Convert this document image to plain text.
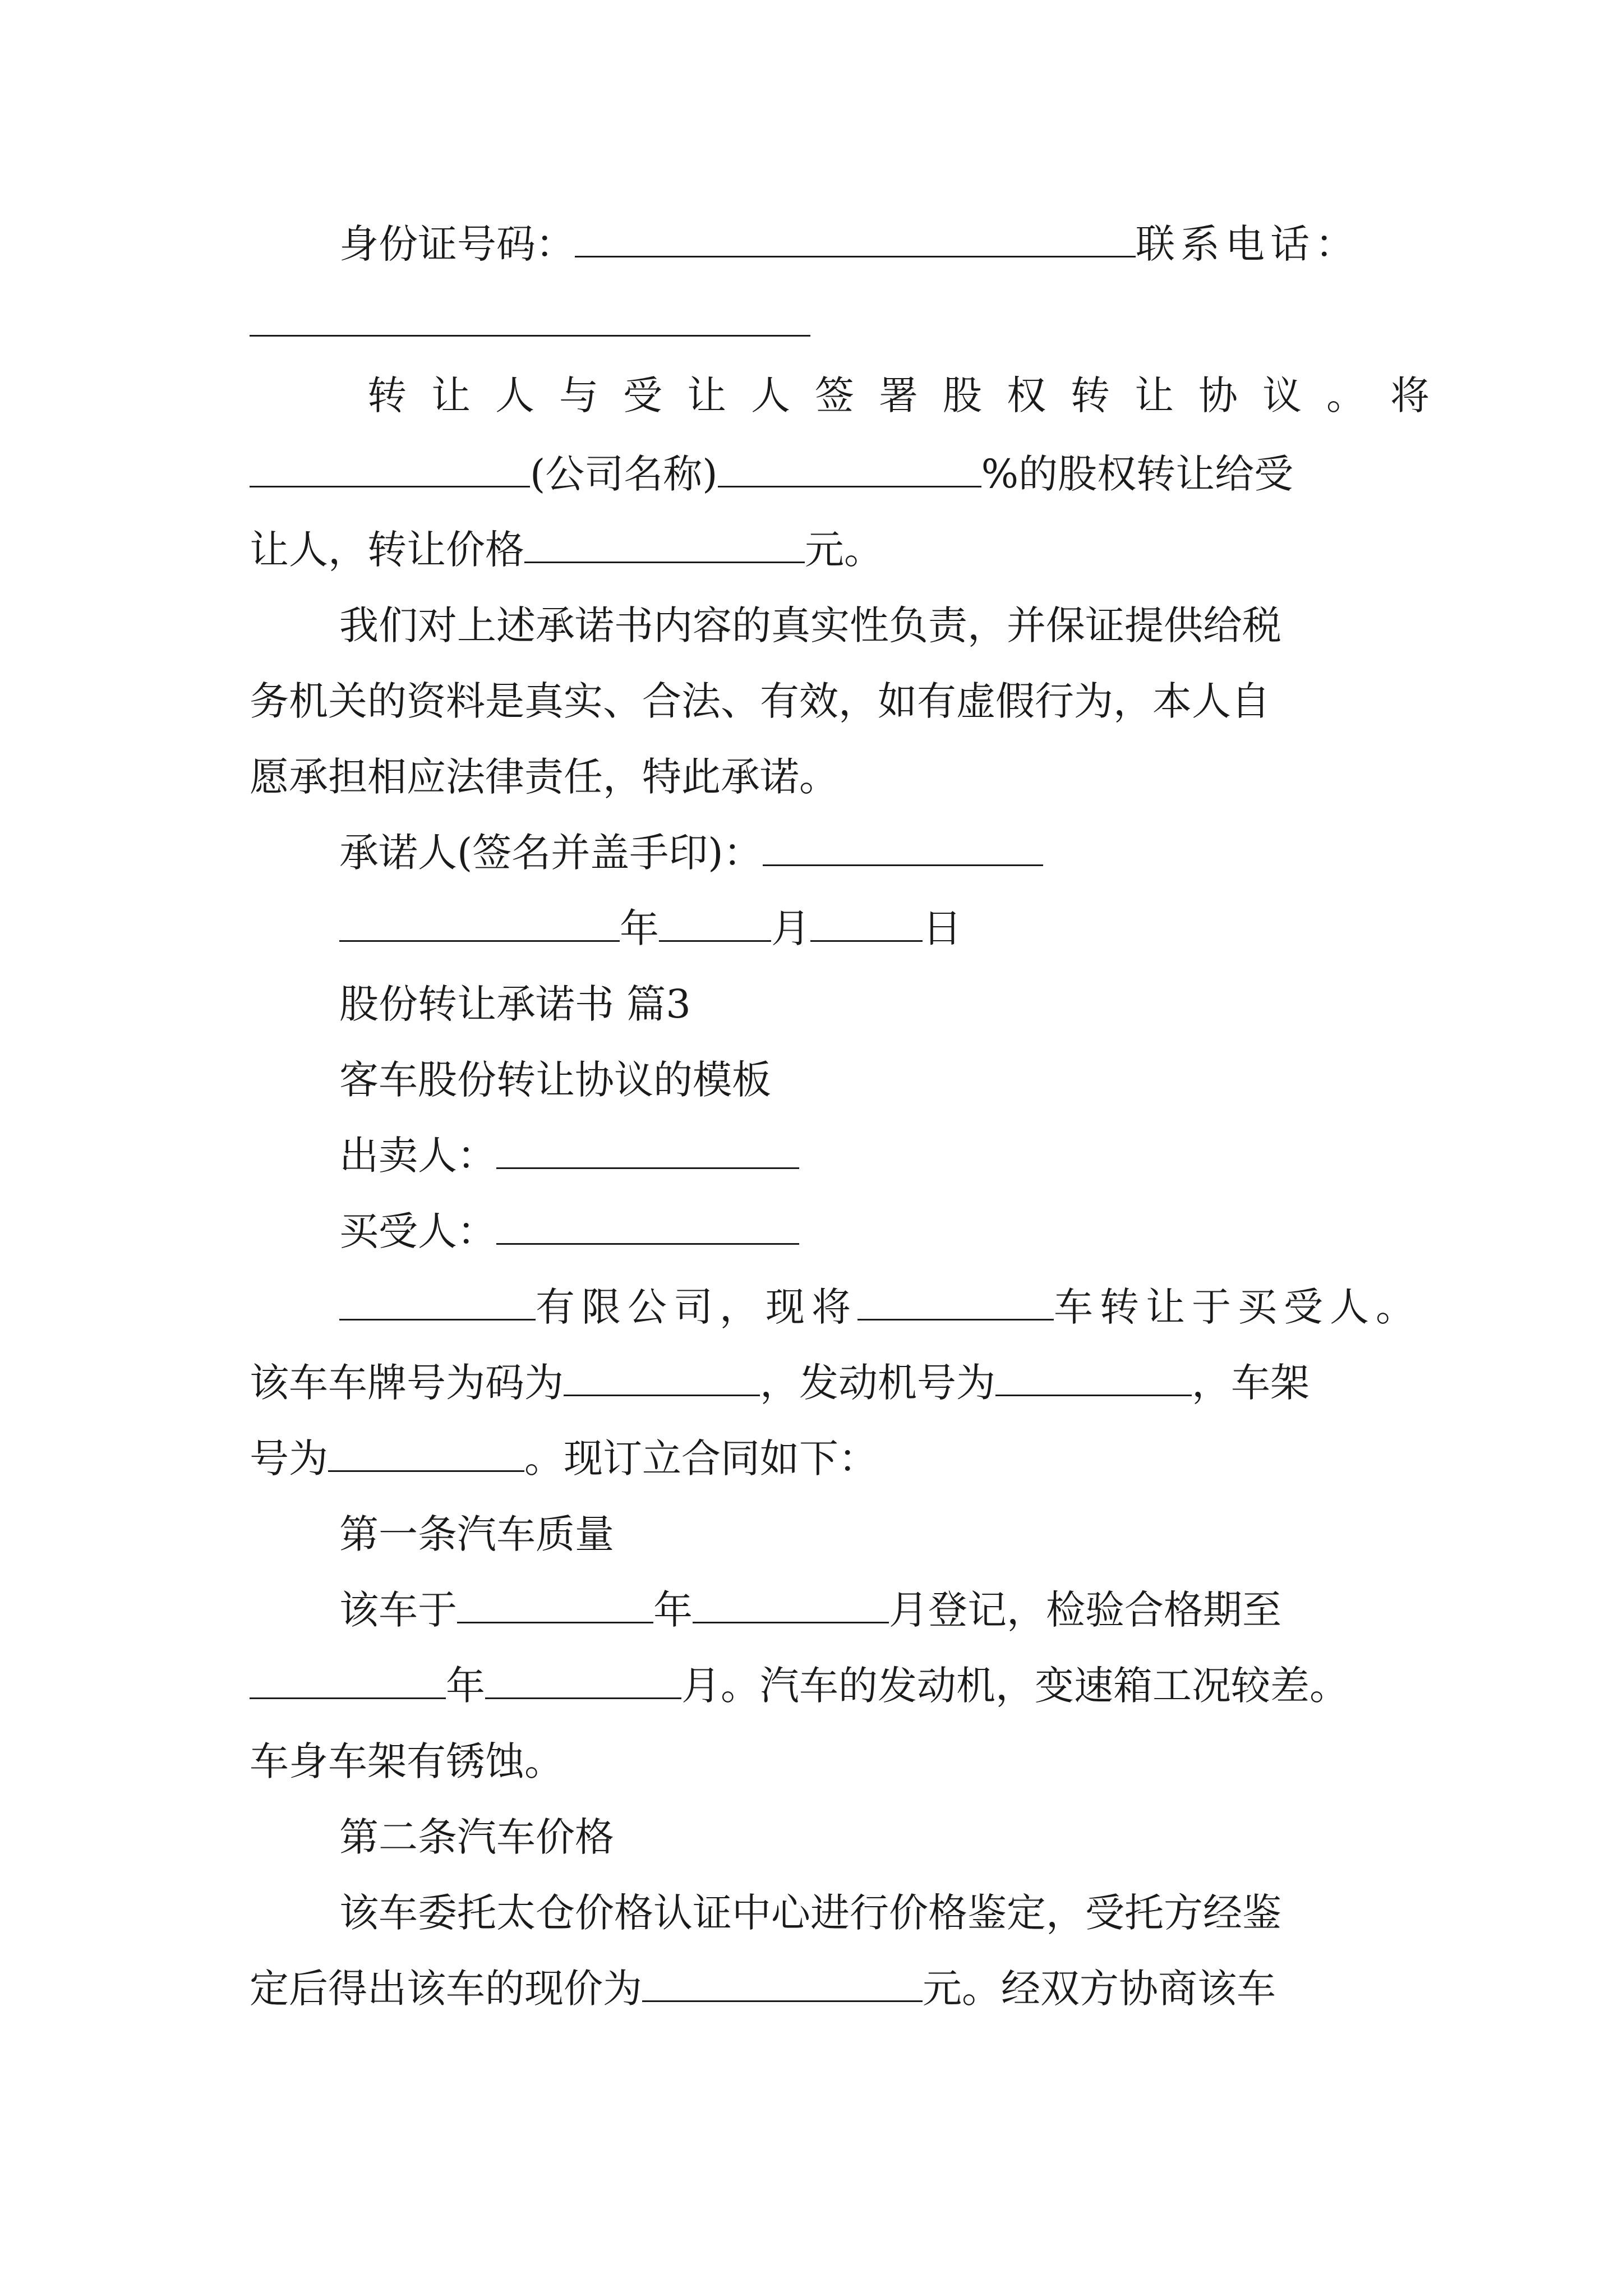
身份证号码：	联系电话：
转让人与受让人签署股权转让协议。将
(公司名称)	%的股权转让给受
让人，转让价格	元。
我们对上述承诺书内容的真实性负责，并保证提供给税
务机关的资料是真实、合法、有效，如有虚假行为，本人自
愿承担相应法律责任，特此承诺。
承诺人(签名并盖手印)：
年	月	日
股份转让承诺书 篇3
客车股份转让协议的模板
出卖人：
买受人：
有限公司，现将	车转让于买受人。
该车车牌号为码为	，发动机号为	，车架
号为	。现订立合同如下：
第一条汽车质量
该车于	年	月登记，检验合格期至
年	月。汽车的发动机，变速箱工况较差。
车身车架有锈蚀。
第二条汽车价格
该车委托太仓价格认证中心进行价格鉴定，受托方经鉴
定后得出该车的现价为	元。经双方协商该车
